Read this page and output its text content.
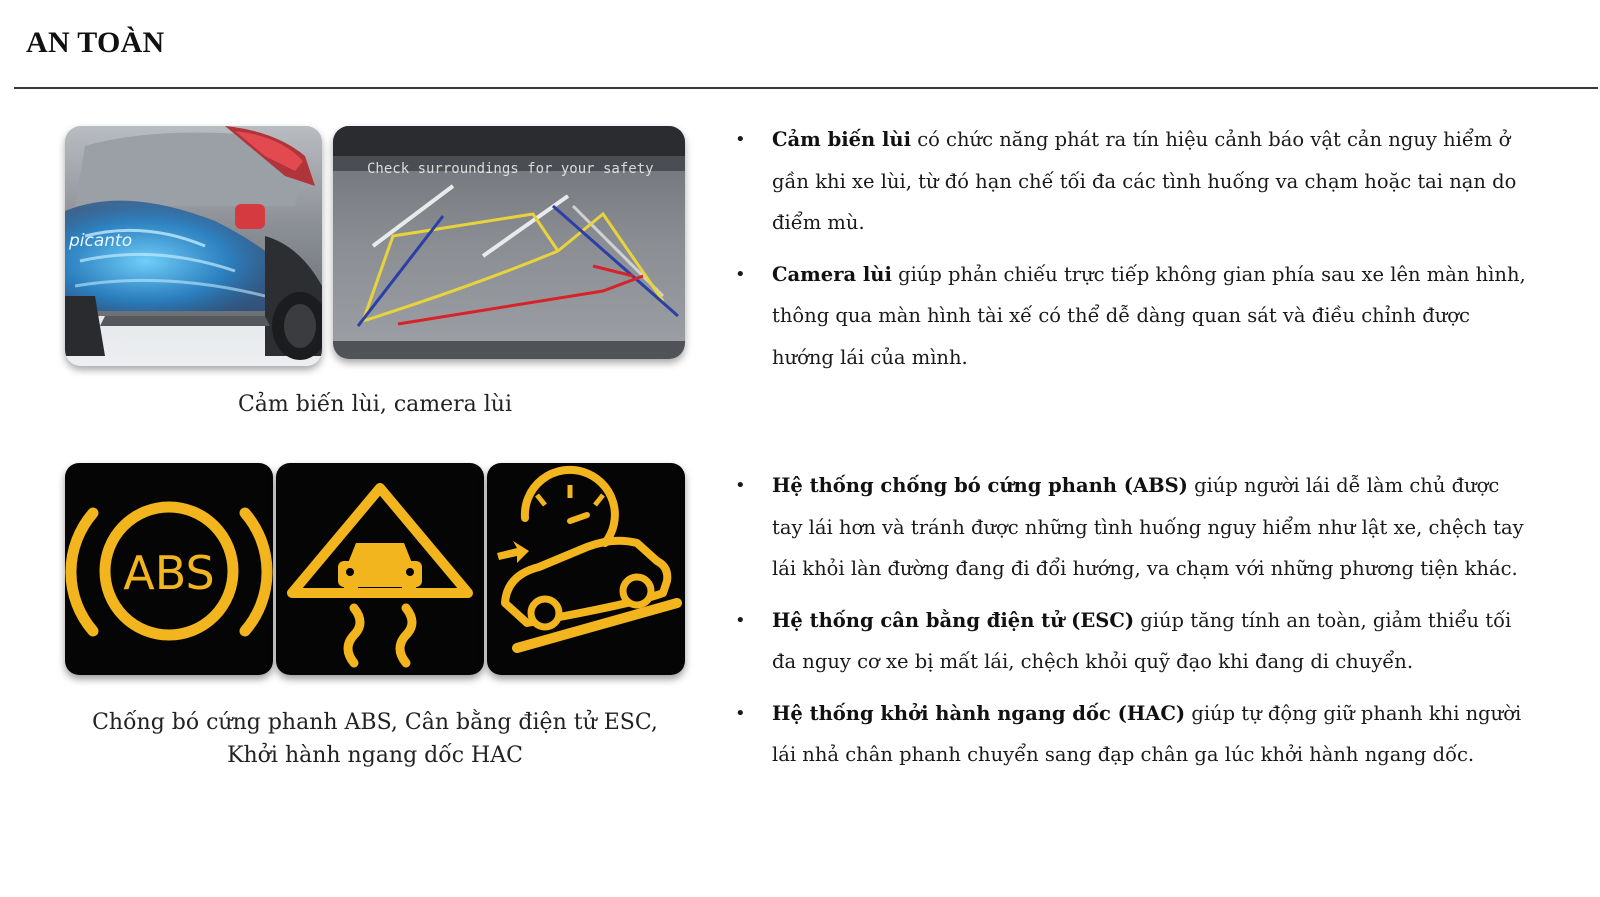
AN TOÀN
picanto
Check surroundings for your safety
Cảm biến lùi, camera lùi
• Cảm biến lùi có chức năng phát ra tín hiệu cảnh báo vật cản nguy hiểm ở gần khi xe lùi, từ đó hạn chế tối đa các tình huống va chạm hoặc tai nạn do điểm mù.
• Camera lùi giúp phản chiếu trực tiếp không gian phía sau xe lên màn hình, thông qua màn hình tài xế có thể dễ dàng quan sát và điều chỉnh được hướng lái của mình.
ABS
Chống bó cứng phanh ABS, Cân bằng điện tử ESC,
Khởi hành ngang dốc HAC
• Hệ thống chống bó cứng phanh (ABS) giúp người lái dễ làm chủ được tay lái hơn và tránh được những tình huống nguy hiểm như lật xe, chệch tay lái khỏi làn đường đang đi đổi hướng, va chạm với những phương tiện khác.
• Hệ thống cân bằng điện tử (ESC) giúp tăng tính an toàn, giảm thiểu tối đa nguy cơ xe bị mất lái, chệch khỏi quỹ đạo khi đang di chuyển.
• Hệ thống khởi hành ngang dốc (HAC) giúp tự động giữ phanh khi người lái nhả chân phanh chuyển sang đạp chân ga lúc khởi hành ngang dốc.
